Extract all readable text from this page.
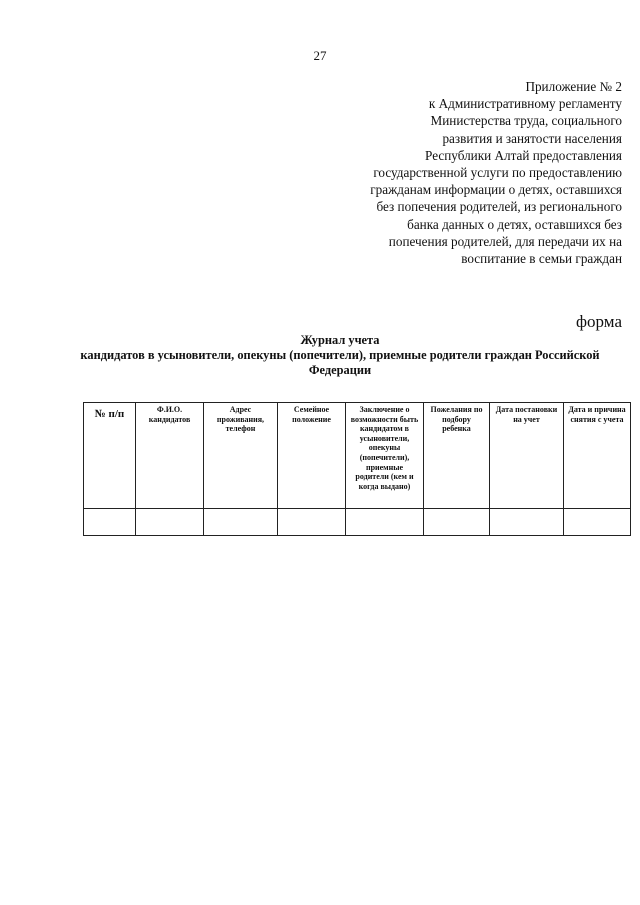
27
Приложение № 2
к Административному регламенту
Министерства труда, социального
развития и занятости населения
Республики Алтай предоставления
государственной услуги по предоставлению
гражданам информации о детях, оставшихся
без попечения родителей, из регионального
банка данных о детях, оставшихся без
попечения родителей, для передачи их на
воспитание в семьи граждан
форма
Журнал учета
кандидатов в усыновители, опекуны (попечители), приемные родители граждан Российской
Федерации
№ п/п	Ф.И.О. кандидатов	Адрес проживания, телефон	Семейное положение	Заключение о возможности быть кандидатом в усыновители, опекуны (попечители), приемные родители (кем и когда выдано)	Пожелания по подбору ребенка	Дата постановки на учет	Дата и причина снятия с учета
